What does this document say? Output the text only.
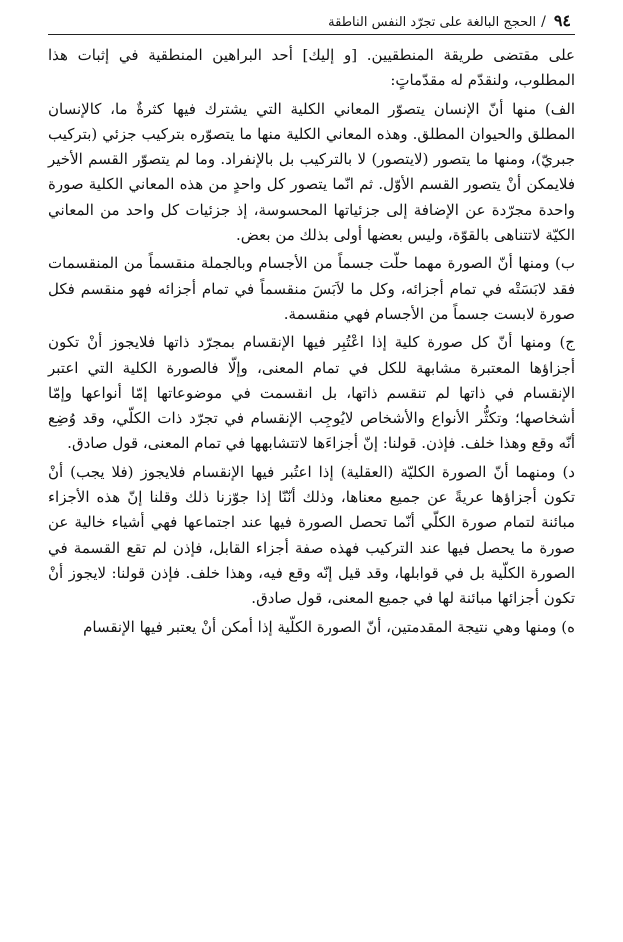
٩٤/الحجج البالغة على تجرّد النفس الناطقة

على مقتضى طريقة المنطقيين. [و إليك] أحد البراهين المنطقية في إثبات هذا المطلوب، ولنقدّم له مقدّماتٍ:

الف) منها أنّ الإنسان يتصوّر المعاني الكلية التي يشترك فيها كثرةٌ ما، كالإنسان المطلق والحيوان المطلق. وهذه المعاني الكلية منها ما يتصوّره بتركيب جزئي (بتركيب جبريّ)، ومنها ما يتصور (لايتصور) لا بالتركيب بل بالإنفراد. وما لم يتصوّر القسم الأخير فلايمكن أنْ يتصور القسم الأوّل. ثم انّما يتصور كل واحدٍ من هذه المعاني الكلية صورة واحدة مجرّدة عن الإضافة إلى جزئياتها المحسوسة، إذ جزئيات كل واحد من المعاني الكيّة لاتتناهى بالقوّة، وليس بعضها أولى بذلك من بعض.

ب) ومنها أنّ الصورة مهما حلّت جسماً من الأجسام وبالجملة منقسماً من المنقسمات فقد لابَسَتْه في تمام أجزائه، وكل ما لاَبَسَ منقسماً في تمام أجزائه فهو منقسم فكل صورة لابست جسماً من الأجسام فهي منقسمة.

ج) ومنها أنّ كل صورة كلية إذا اعْتُبِر فيها الإنقسام بمجرّد ذاتها فلايجوز أنْ تكون أجزاؤها المعتبرة مشابهة للكل في تمام المعنى، وإلّا فالصورة الكلية التي اعتبر الإنقسام في ذاتها لم تنقسم ذاتها، بل انقسمت في موضوعاتها إمّا أنواعها وإمّا أشخاصها؛ وتكثُّر الأنواع والأشخاص لايُوجِب الإنقسام في تجرّد ذات الكلّي، وقد وُضِع أنّه وقع وهذا خلف. فإذن. قولنا: إنّ أجزاءَها لاتتشابهها في تمام المعنى، قول صادق.

د) ومنهما أنّ الصورة الكليّة (العقلية) إذا اعتُبر فيها الإنقسام فلايجوز (فلا يجب) أنْ تكون أجزاؤها عريةً عن جميع معناها، وذلك أنّنّا إذا جوّزنا ذلك وقلنا إنّ هذه الأجزاء مبائنة لتمام صورة الكلّي أنّما تحصل الصورة فيها عند اجتماعها فهي أشياء خالية عن صورة ما يحصل فيها عند التركيب فهذه صفة أجزاء القابل، فإذن لم تقع القسمة في الصورة الكلّية بل في قوابلها، وقد قيل إنّه وقع فيه، وهذا خلف. فإذن قولنا: لايجوز أنْ تكون أجزائها مبائنة لها في جميع المعنى، قول صادق.

ه) ومنها وهي نتيجة المقدمتين، أنّ الصورة الكلّية إذا أمكن أنْ يعتبر فيها الإنقسام
